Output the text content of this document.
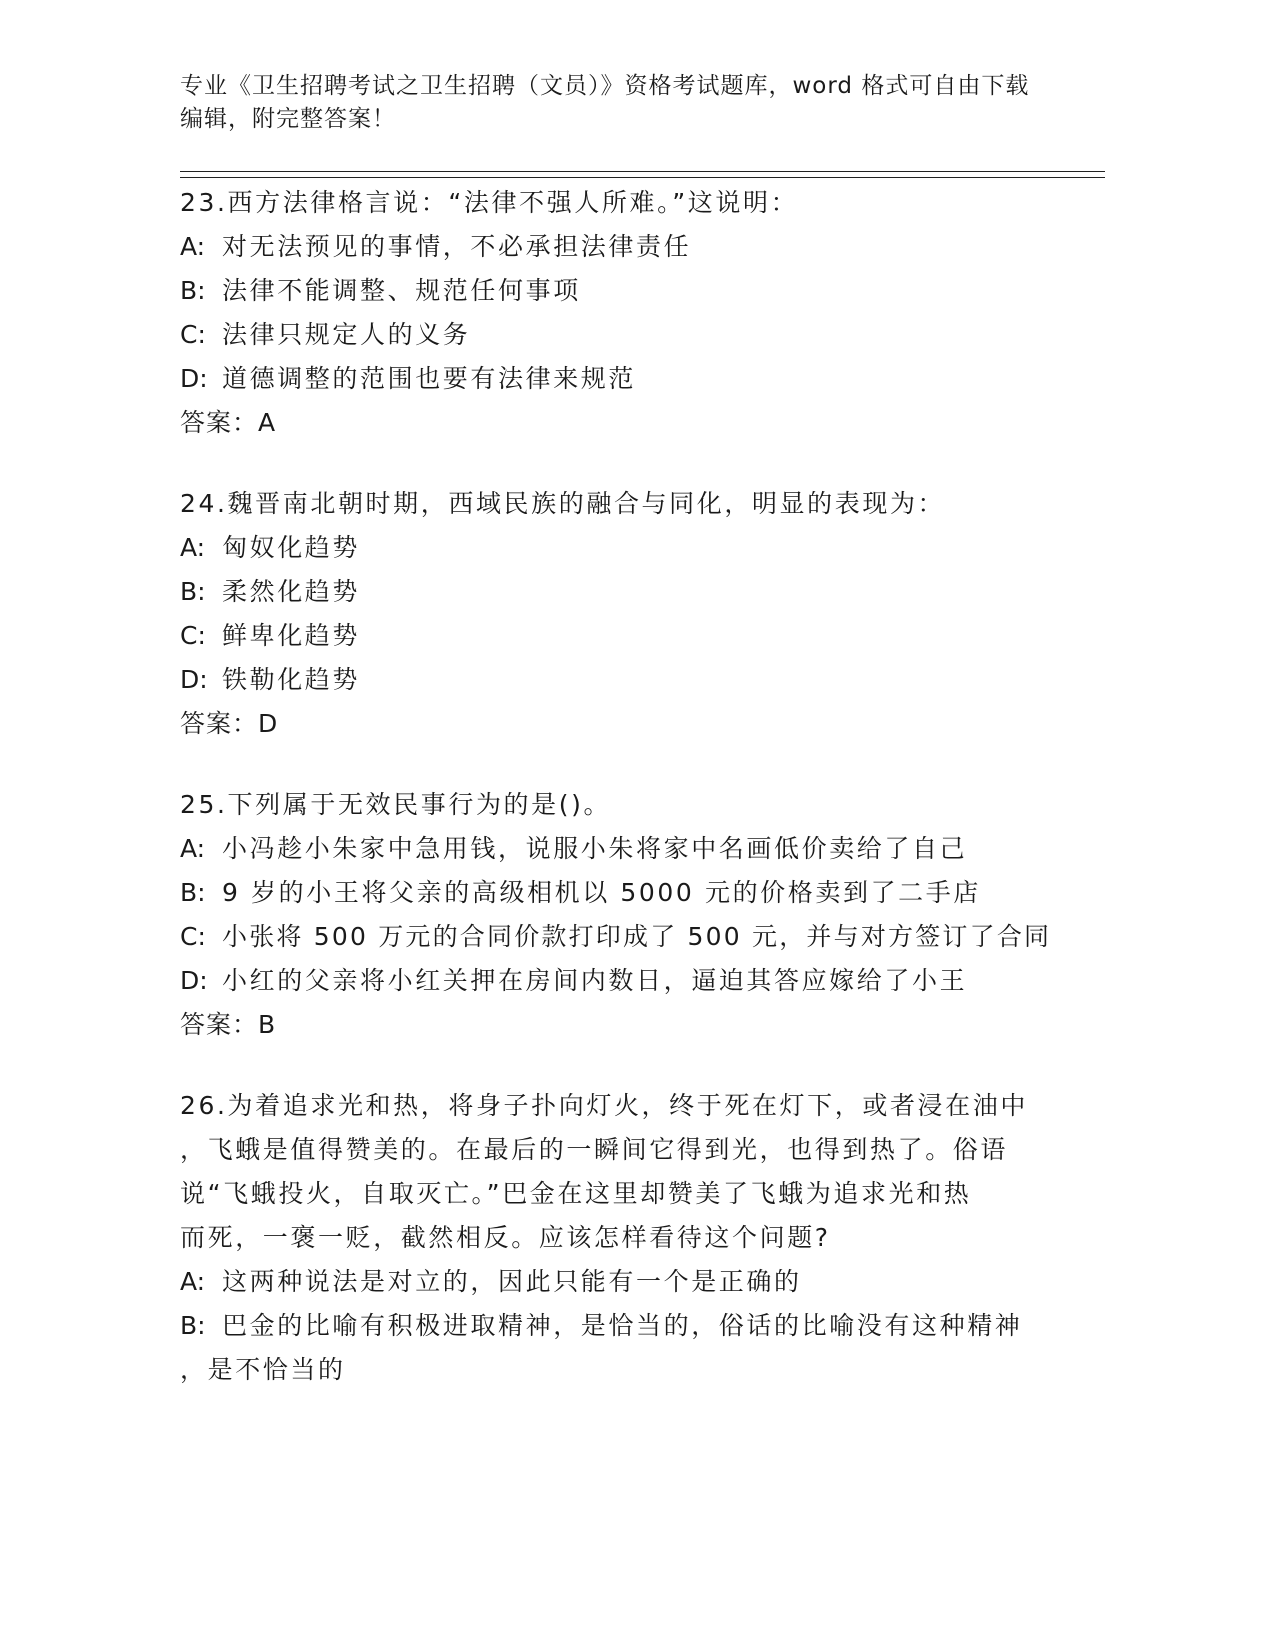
专业《卫生招聘考试之卫生招聘（文员）》资格考试题库，word 格式可自由下载
编辑，附完整答案！
23.西方法律格言说：“法律不强人所难。”这说明：
A: 对无法预见的事情，不必承担法律责任
B: 法律不能调整、规范任何事项
C: 法律只规定人的义务
D: 道德调整的范围也要有法律来规范
答案：A
24.魏晋南北朝时期，西域民族的融合与同化，明显的表现为：
A: 匈奴化趋势
B: 柔然化趋势
C: 鲜卑化趋势
D: 铁勒化趋势
答案：D
25.下列属于无效民事行为的是()。
A: 小冯趁小朱家中急用钱，说服小朱将家中名画低价卖给了自己
B: 9 岁的小王将父亲的高级相机以 5000 元的价格卖到了二手店
C: 小张将 500 万元的合同价款打印成了 500 元，并与对方签订了合同
D: 小红的父亲将小红关押在房间内数日，逼迫其答应嫁给了小王
答案：B
26.为着追求光和热，将身子扑向灯火，终于死在灯下，或者浸在油中
，飞蛾是值得赞美的。在最后的一瞬间它得到光，也得到热了。俗语
说“飞蛾投火，自取灭亡。”巴金在这里却赞美了飞蛾为追求光和热
而死，一褒一贬，截然相反。应该怎样看待这个问题?
A: 这两种说法是对立的，因此只能有一个是正确的
B: 巴金的比喻有积极进取精神，是恰当的，俗话的比喻没有这种精神
，是不恰当的
